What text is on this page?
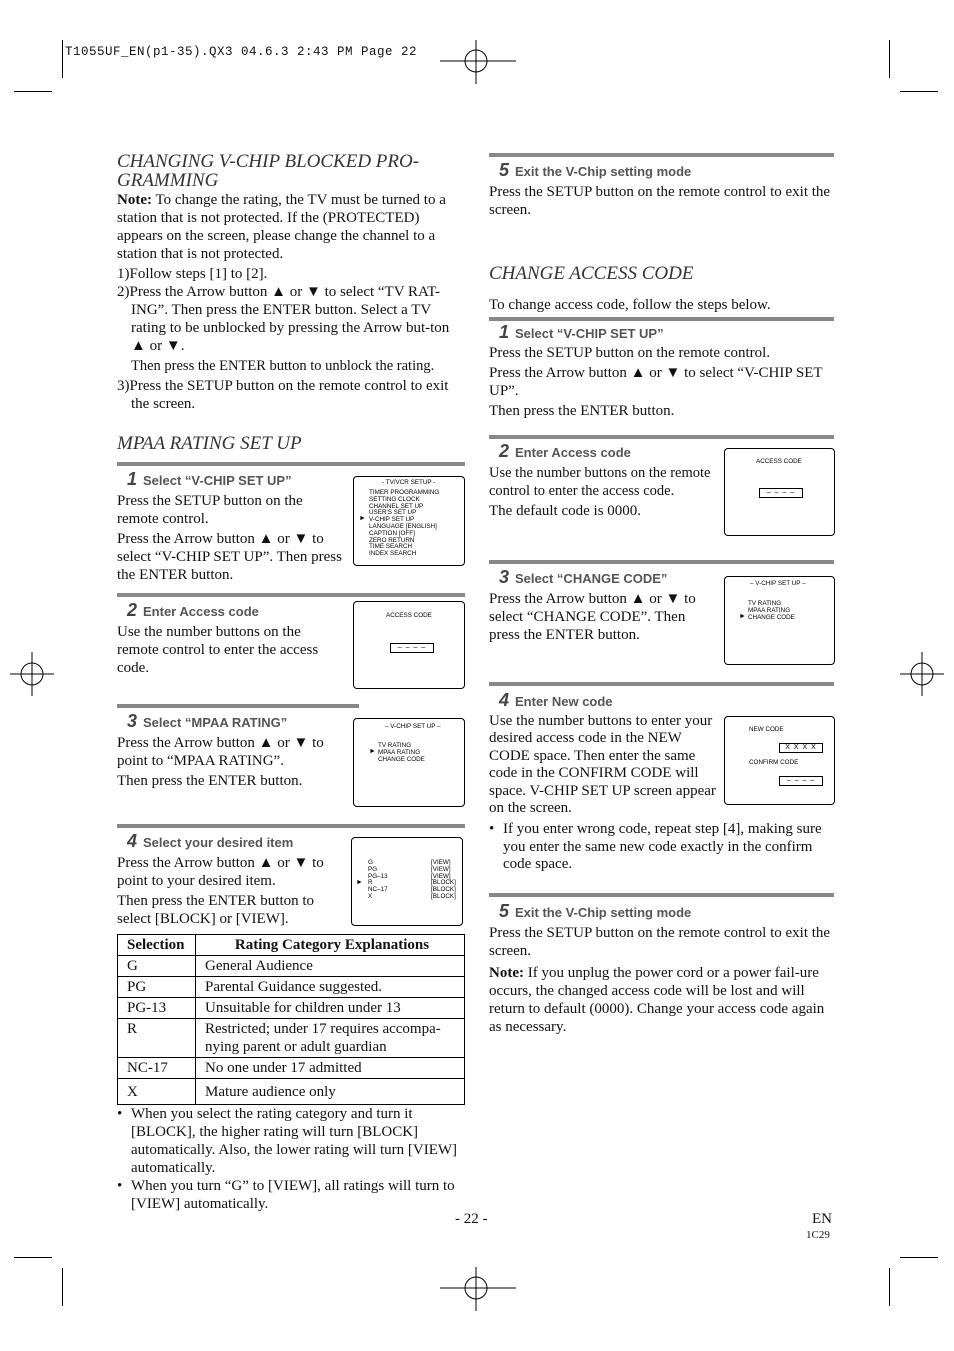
T1055UF_EN(p1-35).QX3 04.6.3 2:43 PM Page 22
CHANGING V-CHIP BLOCKED PRO-
GRAMMING
Note: To change the rating, the TV must be turned to a station that is not protected. If the (PROTECTED) appears on the screen, please change the channel to a station that is not protected.
1)Follow steps [1] to [2].
2)Press the Arrow button ▲ or ▼ to select “TV RAT-ING”. Then press the ENTER button. Select a TV rating to be unblocked by pressing the Arrow but-ton ▲ or ▼.
Then press the ENTER button to unblock the rating.
3)Press the SETUP button on the remote control to exit the screen.
MPAA RATING SET UP
1 Select “V-CHIP SET UP”
Press the SETUP button on the remote control.
Press the Arrow button ▲ or ▼ to select “V-CHIP SET UP”. Then press the ENTER button.
- TV/VCR SETUP -
TIMER PROGRAMMING
SETTING CLOCK
CHANNEL SET UP
USER'S SET UP
V-CHIP SET UP
LANGUAGE [ENGLISH]
CAPTION [OFF]
ZERO RETURN
TIME SEARCH
INDEX SEARCH
►
2 Enter Access code
Use the number buttons on the remote control to enter the access code.
ACCESS CODE
– – – –
3 Select “MPAA RATING”
Press the Arrow button ▲ or ▼ to point to “MPAA RATING”.
Then press the ENTER button.
– V-CHIP SET UP –
TV RATING
MPAA RATING
CHANGE CODE
►
4 Select your desired item
Press the Arrow button ▲ or ▼ to point to your desired item.
Then press the ENTER button to select [BLOCK] or [VIEW].
G
PG
PG–13
R
NC–17
X
[VIEW]
[VIEW]
[VIEW]
[BLOCK]
[BLOCK]
[BLOCK]
►
Selection	Rating Category Explanations
G	General Audience
PG	Parental Guidance suggested.
PG-13	Unsuitable for children under 13
R	Restricted; under 17 requires accompa-nying parent or adult guardian
NC-17	No one under 17 admitted
X	Mature audience only
• When you select the rating category and turn it [BLOCK], the higher rating will turn [BLOCK] automatically. Also, the lower rating will turn [VIEW] automatically.
• When you turn “G” to [VIEW], all ratings will turn to [VIEW] automatically.
5 Exit the V-Chip setting mode
Press the SETUP button on the remote control to exit the screen.
CHANGE ACCESS CODE
To change access code, follow the steps below.
1 Select “V-CHIP SET UP”
Press the SETUP button on the remote control.
Press the Arrow button ▲ or ▼ to select “V-CHIP SET UP”.
Then press the ENTER button.
2 Enter Access code
Use the number buttons on the remote control to enter the access code.
The default code is 0000.
ACCESS CODE
– – – –
3 Select “CHANGE CODE”
Press the Arrow button ▲ or ▼ to select “CHANGE CODE”. Then press the ENTER button.
– V-CHIP SET UP –
TV RATING
MPAA RATING
CHANGE CODE
►
4 Enter New code
Use the number buttons to enter your desired access code in the NEW CODE space. Then enter the same code in the CONFIRM CODE will space. V-CHIP SET UP screen appear on the screen.
NEW CODE
X X X X
CONFIRM CODE
– – – –
• If you enter wrong code, repeat step [4], making sure you enter the same new code exactly in the confirm code space.
5 Exit the V-Chip setting mode
Press the SETUP button on the remote control to exit the screen.
Note: If you unplug the power cord or a power fail-ure occurs, the changed access code will be lost and will return to default (0000). Change your access code again as necessary.
- 22 -	EN
1C29
